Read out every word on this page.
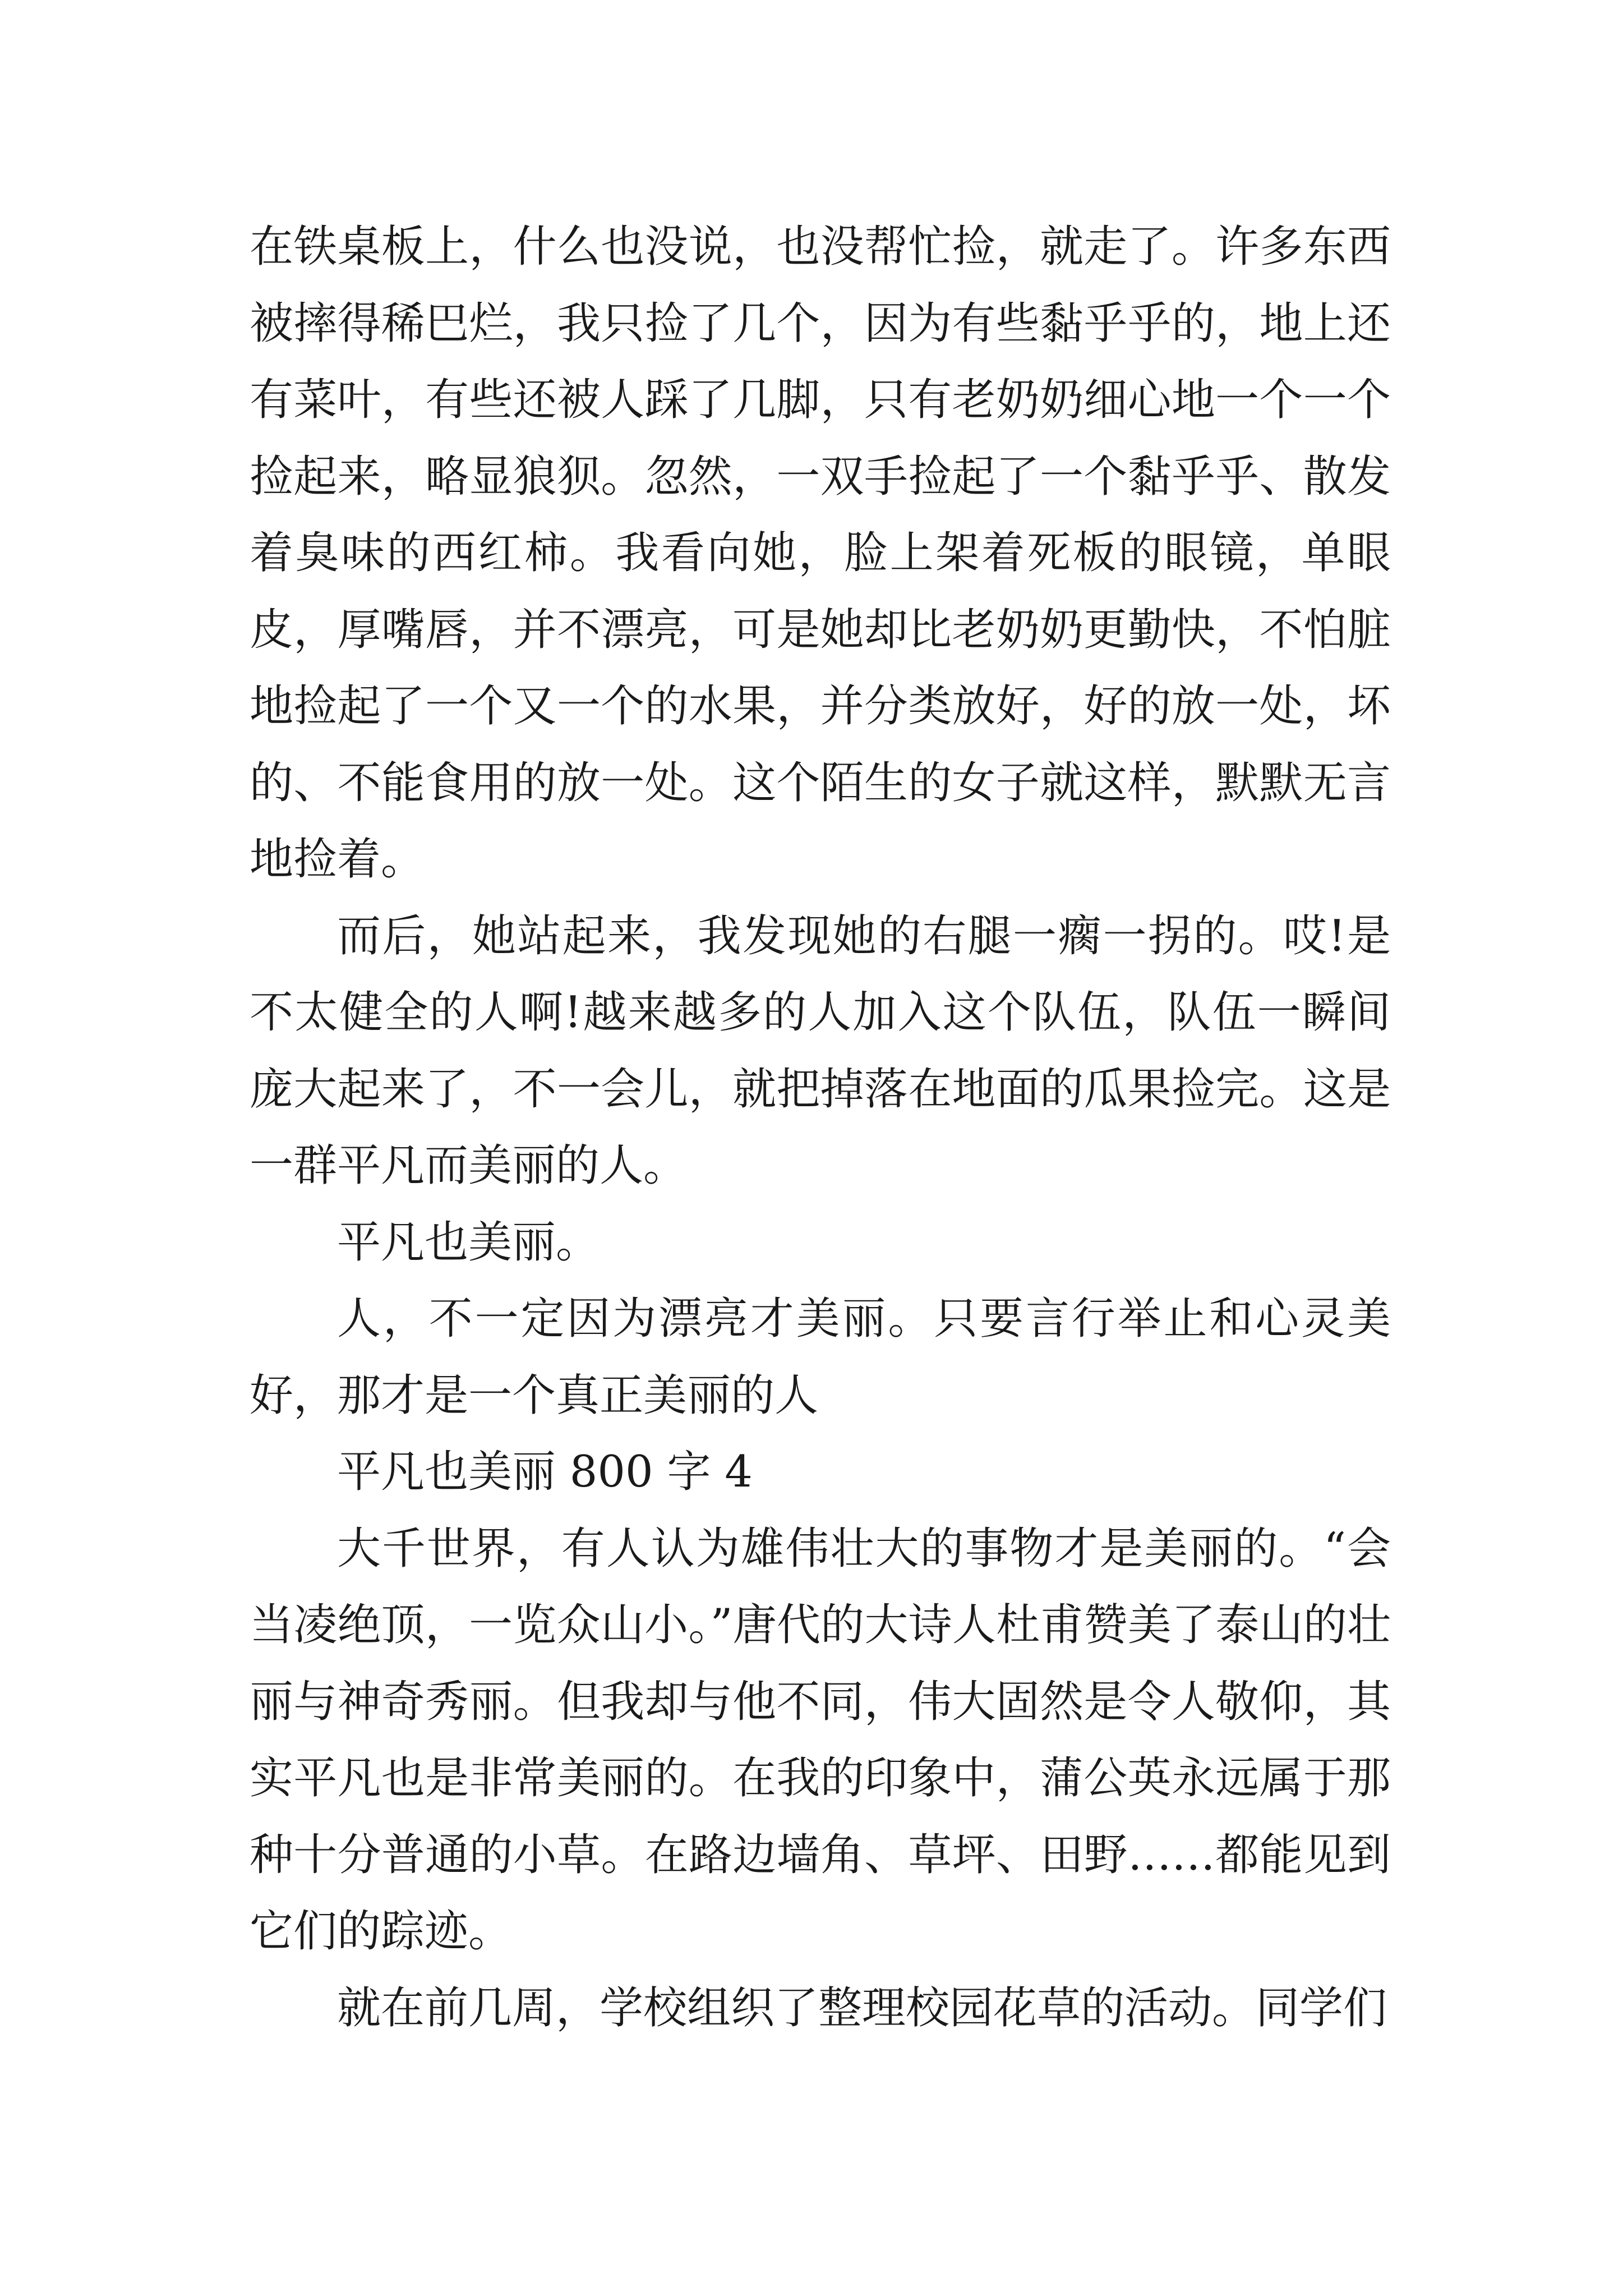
在铁桌板上，什么也没说，也没帮忙捡，就走了。许多东西被摔得稀巴烂，我只捡了几个，因为有些黏乎乎的，地上还有菜叶，有些还被人踩了几脚，只有老奶奶细心地一个一个捡起来，略显狼狈。忽然，一双手捡起了一个黏乎乎、散发着臭味的西红柿。我看向她，脸上架着死板的眼镜，单眼皮，厚嘴唇，并不漂亮，可是她却比老奶奶更勤快，不怕脏地捡起了一个又一个的水果，并分类放好，好的放一处，坏的、不能食用的放一处。这个陌生的女子就这样，默默无言地捡着。

而后，她站起来，我发现她的右腿一瘸一拐的。哎!是不太健全的人啊!越来越多的人加入这个队伍，队伍一瞬间庞大起来了，不一会儿，就把掉落在地面的瓜果捡完。这是一群平凡而美丽的人。

平凡也美丽。

人，不一定因为漂亮才美丽。只要言行举止和心灵美好，那才是一个真正美丽的人

平凡也美丽 800 字 4

大千世界，有人认为雄伟壮大的事物才是美丽的。“会当凌绝顶，一览众山小。”唐代的大诗人杜甫赞美了泰山的壮丽与神奇秀丽。但我却与他不同，伟大固然是令人敬仰，其实平凡也是非常美丽的。在我的印象中，蒲公英永远属于那种十分普通的小草。在路边墙角、草坪、田野……都能见到它们的踪迹。

就在前几周，学校组织了整理校园花草的活动。同学们
